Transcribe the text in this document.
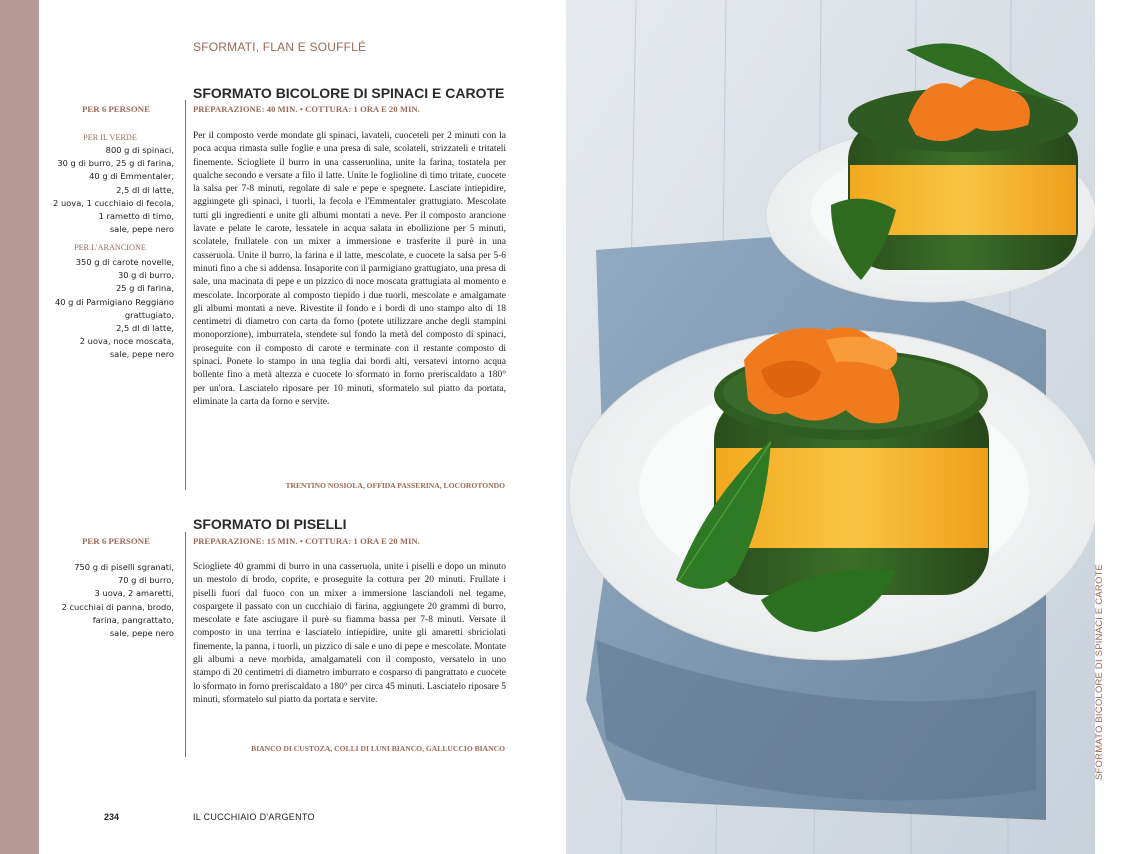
SFORMATI, FLAN E SOUFFLÉ
SFORMATO BICOLORE DI SPINACI E CAROTE
PREPARAZIONE: 40 MIN. • COTTURA: 1 ORA E 20 MIN.
PER 6 PERSONE
PER IL VERDE
800 g di spinaci,
30 g di burro, 25 g di farina,
40 g di Emmentaler,
2,5 dl di latte,
2 uova, 1 cucchiaio di fecola,
1 rametto di timo,
sale, pepe nero
PER L'ARANCIONE
350 g di carote novelle,
30 g di burro,
25 g di farina,
40 g di Parmigiano Reggiano
grattugiato,
2,5 dl di latte,
2 uova, noce moscata,
sale, pepe nero
Per il composto verde mondate gli spinaci, lavateli, cuoceteli per 2 minuti con la poca acqua rimasta sulle foglie e una presa di sale, scolateli, strizzateli e tritateli finemente. Sciogliete il burro in una casseruolina, unite la farina, tostatela per qualche secondo e versate a filo il latte. Unite le foglioline di timo tritate, cuocete la salsa per 7-8 minuti, regolate di sale e pepe e spegnete. Lasciate intiepidire, aggiungete gli spinaci, i tuorli, la fecola e l'Emmentaler grattugiato. Mescolate tutti gli ingredienti e unite gli albumi montati a neve. Per il composto arancione lavate e pelate le carote, lessatele in acqua salata in ebollizione per 5 minuti, scolatele, frullatele con un mixer a immersione e trasferite il purè in una casseruola. Unite il burro, la farina e il latte, mescolate, e cuocete la salsa per 5-6 minuti fino a che si addensa. Insaporite con il parmigiano grattugiato, una presa di sale, una macinata di pepe e un pizzico di noce moscata grattugiata al momento e mescolate. Incorporate al composto tiepido i due tuorli, mescolate e amalgamate gli albumi montati a neve. Rivestite il fondo e i bordi di uno stampo alto di 18 centimetri di diametro con carta da forno (potete utilizzare anche degli stampini monoporzione), imburratela, stendete sul fondo la metà del composto di spinaci, proseguite con il composto di carote e terminate con il restante composto di spinaci. Ponete lo stampo in una teglia dai bordi alti, versatevi intorno acqua bollente fino a metà altezza e cuocete lo sformato in forno preriscaldato a 180° per un'ora. Lasciatelo riposare per 10 minuti, sformatelo sul piatto da portata, eliminate la carta da forno e servite.
TRENTINO NOSIOLA, OFFIDA PASSERINA, LOCOROTONDO
SFORMATO DI PISELLI
PREPARAZIONE: 15 MIN. • COTTURA: 1 ORA E 20 MIN.
PER 6 PERSONE
750 g di piselli sgranati,
70 g di burro,
3 uova, 2 amaretti,
2 cucchiai di panna, brodo,
farina, pangrattato,
sale, pepe nero
Sciogliete 40 grammi di burro in una casseruola, unite i piselli e dopo un minuto un mestolo di brodo, coprite, e proseguite la cottura per 20 minuti. Frullate i piselli fuori dal fuoco con un mixer a immersione lasciandoli nel tegame, cospargete il passato con un cucchiaio di farina, aggiungete 20 grammi di burro, mescolate e fate asciugare il purè su fiamma bassa per 7-8 minuti. Versate il composto in una terrina e lasciatelo intiepidire, unite gli amaretti sbriciolati finemente, la panna, i tuorli, un pizzico di sale e uno di pepe e mescolate. Montate gli albumi a neve morbida, amalgamateli con il composto, versatelo in uno stampo di 20 centimetri di diametro imburrato e cosparso di pangrattato e cuocete lo sformato in forno preriscaldato a 180° per circa 45 minuti. Lasciatelo riposare 5 minuti, sformatelo sul piatto da portata e servite.
BIANCO DI CUSTOZA, COLLI DI LUNI BIANCO, GALLUCCIO BIANCO
234	IL CUCCHIAIO D'ARGENTO
SFORMATO BICOLORE DI SPINACI E CAROTE
